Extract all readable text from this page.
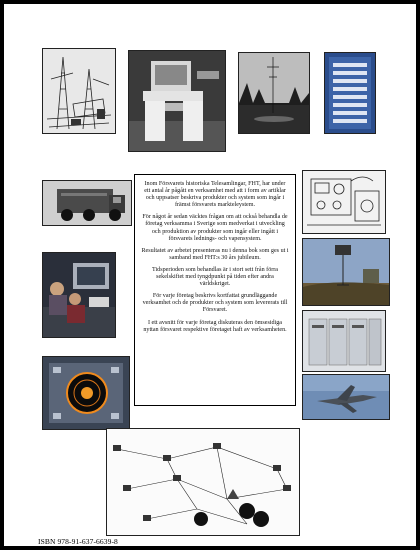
Inom Försvarets historiska Telesamlingar, FHT, har under ett antal år pågått en verksamhet med att i form av artiklar och uppsatser beskriva produkter och system som ingår i främst försvarets markteleystem.

För något år sedan väcktes frågan om att också behandla de företag verksamma i Sverige som medverkat i utveckling och produktion av produkter som ingår eller ingått i försvarets lednings- och vapensystem.

Resultatet av arbetet presenteras nu i denna bok som ges ut i samband med FHT:s 30 års jubileum.

Tidsperioden som behandlas är i stort sett från förra sekelskiftet med tyngdpunkt på tiden efter andra världskriget.

För varje företag beskrivs kortfattat grundläggande verksamhet och de produkter och system som levererats till Försvaret.

I ett avsnitt för varje företag diskuteras den ömsesidiga nyttan försvaret respektive företaget haft av verksamheten.

ISBN 978-91-637-6639-8
